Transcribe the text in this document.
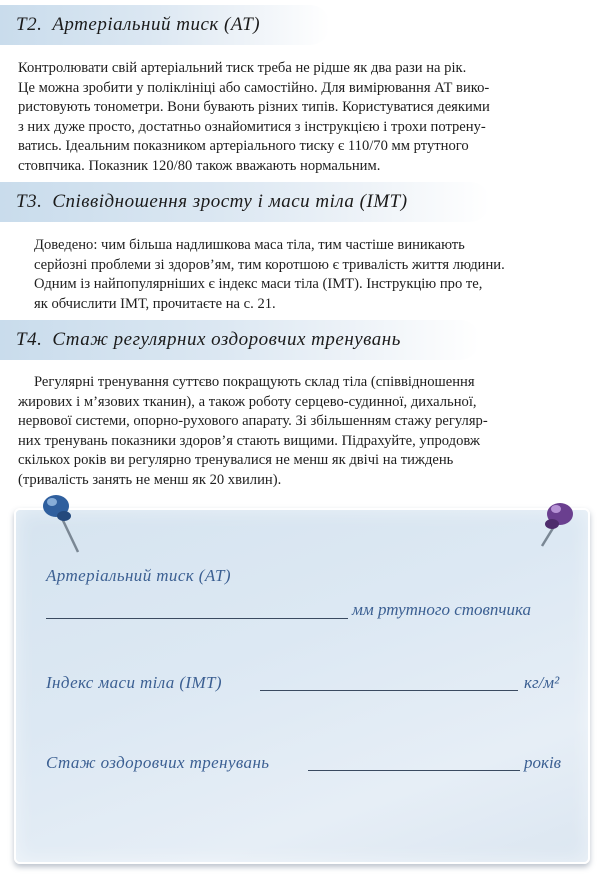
Т2. Артеріальний тиск (АТ)
Контролювати свій артеріальний тиск треба не рідше як два рази на рік.
Це можна зробити у поліклініці або самостійно. Для вимірювання АТ вико-
ристовують тонометри. Вони бувають різних типів. Користуватися деякими
з них дуже просто, достатньо ознайомитися з інструкцією і трохи потрену-
ватись. Ідеальним показником артеріального тиску є 110/70 мм ртутного
стовпчика. Показник 120/80 також вважають нормальним.
Т3. Співвідношення зросту і маси тіла (ІМТ)
Доведено: чим більша надлишкова маса тіла, тим частіше виникають
серйозні проблеми зі здоров’ям, тим коротшою є тривалість життя людини.
Одним із найпопулярніших є індекс маси тіла (ІМТ). Інструкцію про те,
як обчислити ІМТ, прочитаєте на с. 21.
Т4. Стаж регулярних оздоровчих тренувань
Регулярні тренування суттєво покращують склад тіла (співвідношення
жирових і м’язових тканин), а також роботу серцево-судинної, дихальної,
нервової системи, опорно-рухового апарату. Зі збільшенням стажу регуляр-
них тренувань показники здоров’я стають вищими. Підрахуйте, упродовж
скількох років ви регулярно тренувалися не менш як двічі на тиждень
(тривалість занять не менш як 20 хвилин).
Артеріальний тиск (АТ)
мм ртутного стовпчика
Індекс маси тіла (ІМТ)	кг/м²
Стаж оздоровчих тренувань	років
